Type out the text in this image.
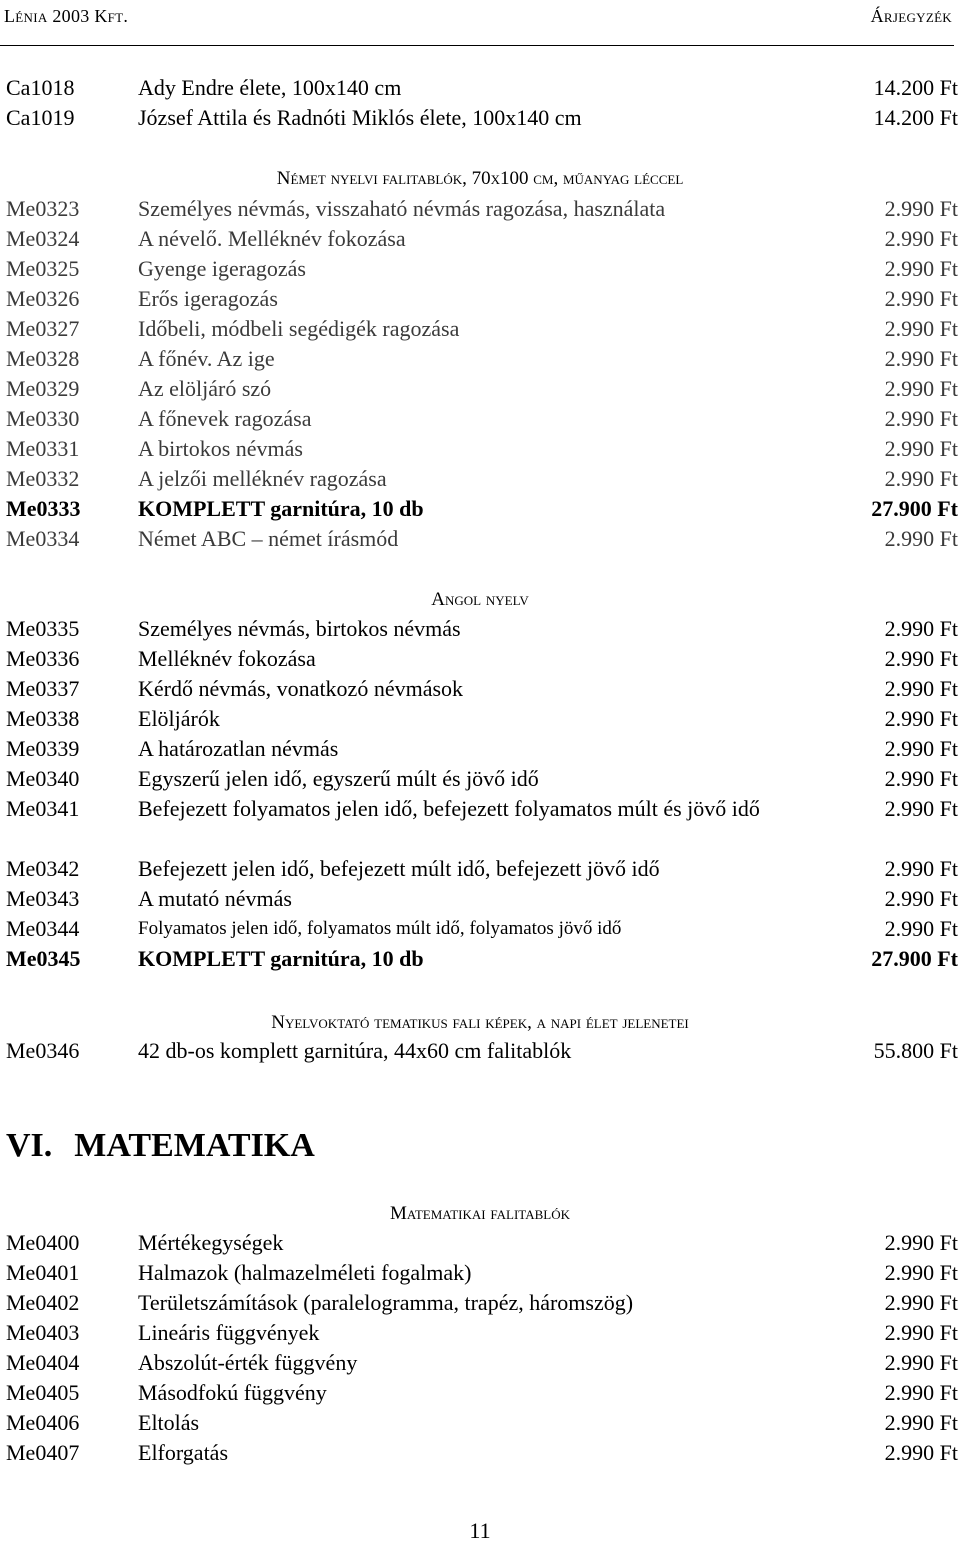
Lénia 2003 Kft.	Árjegyzék
Ca1018	Ady Endre élete, 100x140 cm	14.200 Ft
Ca1019	József Attila és Radnóti Miklós élete, 100x140 cm	14.200 Ft
Német nyelvi falitablók, 70x100 cm, műanyag léccel
Me0323	Személyes névmás, visszaható névmás ragozása, használata	2.990 Ft
Me0324	A névelő. Melléknév fokozása	2.990 Ft
Me0325	Gyenge igeragozás	2.990 Ft
Me0326	Erős igeragozás	2.990 Ft
Me0327	Időbeli, módbeli segédigék ragozása	2.990 Ft
Me0328	A főnév. Az ige	2.990 Ft
Me0329	Az elöljáró szó	2.990 Ft
Me0330	A főnevek ragozása	2.990 Ft
Me0331	A birtokos névmás	2.990 Ft
Me0332	A jelzői melléknév ragozása	2.990 Ft
Me0333	KOMPLETT garnitúra, 10 db	27.900 Ft
Me0334	Német ABC – német írásmód	2.990 Ft
Angol nyelv
Me0335	Személyes névmás, birtokos névmás	2.990 Ft
Me0336	Melléknév fokozása	2.990 Ft
Me0337	Kérdő névmás, vonatkozó névmások	2.990 Ft
Me0338	Elöljárók	2.990 Ft
Me0339	A határozatlan névmás	2.990 Ft
Me0340	Egyszerű jelen idő, egyszerű múlt és jövő idő	2.990 Ft
Me0341	Befejezett folyamatos jelen idő, befejezett folyamatos múlt és jövő idő	2.990 Ft
Me0342	Befejezett jelen idő, befejezett múlt idő, befejezett jövő idő	2.990 Ft
Me0343	A mutató névmás	2.990 Ft
Me0344	Folyamatos jelen idő, folyamatos múlt idő, folyamatos jövő idő	2.990 Ft
Me0345	KOMPLETT garnitúra, 10 db	27.900 Ft
Nyelvoktató tematikus fali képek, a napi élet jelenetei
Me0346	42 db-os komplett garnitúra, 44x60 cm falitablók	55.800 Ft
VI. MATEMATIKA
Matematikai falitablók
Me0400	Mértékegységek	2.990 Ft
Me0401	Halmazok (halmazelméleti fogalmak)	2.990 Ft
Me0402	Területszámítások (paralelogramma, trapéz, háromszög)	2.990 Ft
Me0403	Lineáris függvények	2.990 Ft
Me0404	Abszolút-érték függvény	2.990 Ft
Me0405	Másodfokú függvény	2.990 Ft
Me0406	Eltolás	2.990 Ft
Me0407	Elforgatás	2.990 Ft
11
